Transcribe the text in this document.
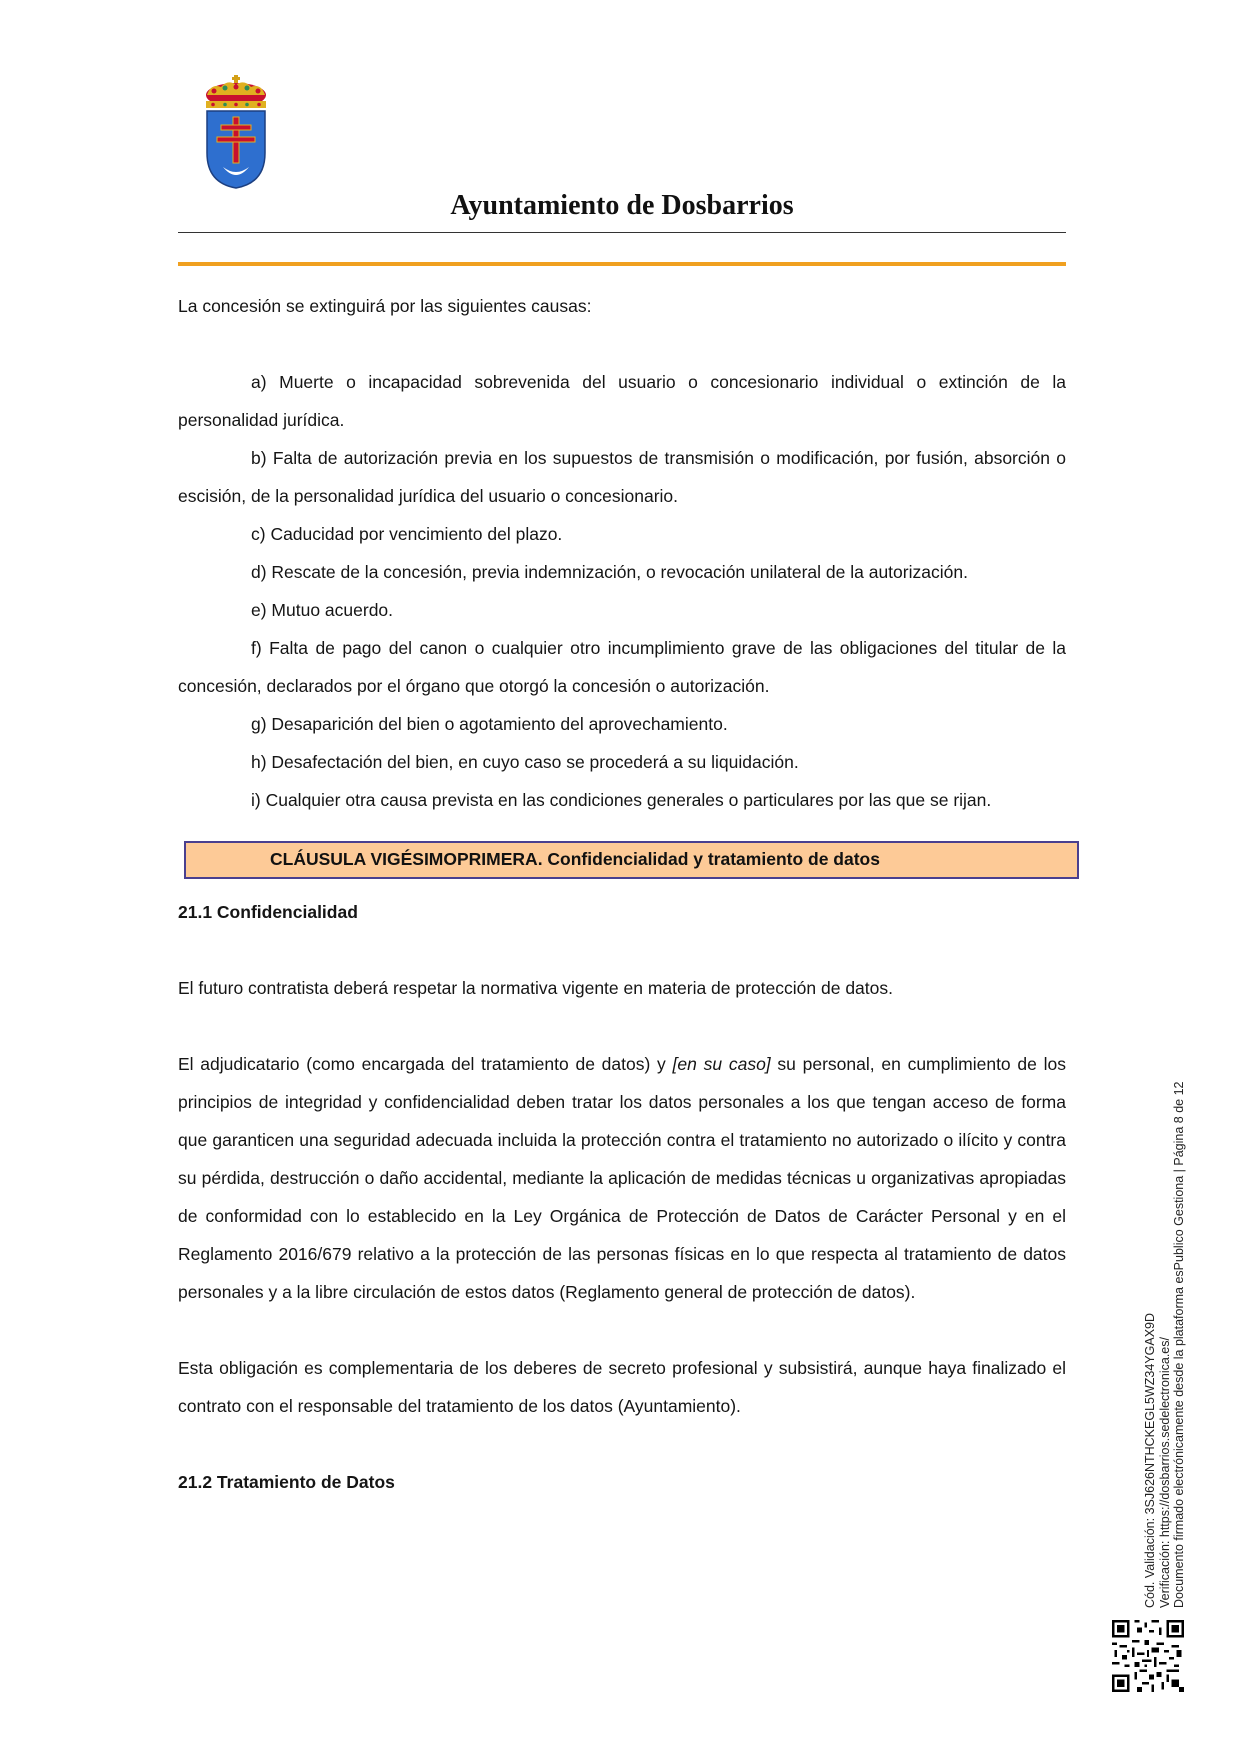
Ayuntamiento de Dosbarrios

La concesión se extinguirá por las siguientes causas:

a) Muerte o incapacidad sobrevenida del usuario o concesionario individual o extinción de la personalidad jurídica.

b) Falta de autorización previa en los supuestos de transmisión o modificación, por fusión, absorción o escisión, de la personalidad jurídica del usuario o concesionario.

c) Caducidad por vencimiento del plazo.

d) Rescate de la concesión, previa indemnización, o revocación unilateral de la autorización.

e) Mutuo acuerdo.

f) Falta de pago del canon o cualquier otro incumplimiento grave de las obligaciones del titular de la concesión, declarados por el órgano que otorgó la concesión o autorización.

g) Desaparición del bien o agotamiento del aprovechamiento.

h) Desafectación del bien, en cuyo caso se procederá a su liquidación.

i) Cualquier otra causa prevista en las condiciones generales o particulares por las que se rijan.

CLÁUSULA VIGÉSIMOPRIMERA. Confidencialidad y tratamiento de datos

21.1 Confidencialidad

El futuro contratista deberá respetar la normativa vigente en materia de protección de datos.

El adjudicatario (como encargada del tratamiento de datos) y [en su caso] su personal, en cumplimiento de los principios de integridad y confidencialidad deben tratar los datos personales a los que tengan acceso de forma que garanticen una seguridad adecuada incluida la protección contra el tratamiento no autorizado o ilícito y contra su pérdida, destrucción o daño accidental, mediante la aplicación de medidas técnicas u organizativas apropiadas de conformidad con lo establecido en la Ley Orgánica de Protección de Datos de Carácter Personal y en el Reglamento 2016/679 relativo a la protección de las personas físicas en lo que respecta al tratamiento de datos personales y a la libre circulación de estos datos (Reglamento general de protección de datos).

Esta obligación es complementaria de los deberes de secreto profesional y subsistirá, aunque haya finalizado el contrato con el responsable del tratamiento de los datos (Ayuntamiento).

21.2 Tratamiento de Datos	Cód. Validación: 3SJ626NTHCKEGL5WZ34YGAX9D Verificación: https://dosbarrios.sedelectronica.es/ Documento firmado electrónicamente desde la plataforma esPublico Gestiona | Página 8 de 12
